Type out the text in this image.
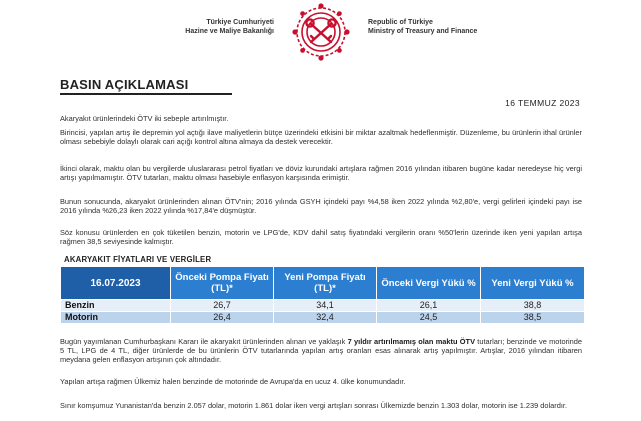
Türkiye Cumhuriyeti
Hazine ve Maliye Bakanlığı
Republic of Türkiye
Ministry of Treasury and Finance
BASIN AÇIKLAMASI
16 TEMMUZ 2023
Akaryakıt ürünlerindeki ÖTV iki sebeple artırılmıştır.
Birincisi, yapılan artış ile depremin yol açtığı ilave maliyetlerin bütçe üzerindeki etkisini bir miktar azaltmak hedeflenmiştir. Düzenleme, bu ürünlerin ithal ürünler olması sebebiyle dolaylı olarak cari açığı kontrol altına almaya da destek verecektir.
İkinci olarak, maktu olan bu vergilerde uluslararası petrol fiyatları ve döviz kurundaki artışlara rağmen 2016 yılından itibaren bugüne kadar neredeyse hiç vergi artışı yapılmamıştır. ÖTV tutarları, maktu olması hasebiyle enflasyon karşısında erimiştir.
Bunun sonucunda, akaryakıt ürünlerinden alınan ÖTV'nin; 2016 yılında GSYH içindeki payı %4,58 iken 2022 yılında %2,80'e, vergi gelirleri içindeki payı ise 2016 yılında %26,23 iken 2022 yılında %17,84'e düşmüştür.
Söz konusu ürünlerden en çok tüketilen benzin, motorin ve LPG'de, KDV dahil satış fiyatındaki vergilerin oranı %50'lerin üzerinde iken yeni yapılan artışa rağmen 38,5 seviyesinde kalmıştır.
AKARYAKIT FİYATLARI VE VERGİLER
16.07.2023	Önceki Pompa Fiyatı (TL)*	Yeni Pompa Fiyatı (TL)*	Önceki Vergi Yükü %	Yeni Vergi Yükü %
Benzin	26,7	34,1	26,1	38,8
Motorin	26,4	32,4	24,5	38,5
Bugün yayımlanan Cumhurbaşkanı Kararı ile akaryakıt ürünlerinden alınan ve yaklaşık 7 yıldır artırılmamış olan maktu ÖTV tutarları; benzinde ve motorinde 5 TL, LPG de 4 TL, diğer ürünlerde de bu ürünlerin ÖTV tutarlarında yapılan artış oranları esas alınarak artış yapılmıştır. Artışlar, 2016 yılından itibaren meydana gelen enflasyon artışının çok altındadır.
Yapılan artışa rağmen Ülkemiz halen benzinde de motorinde de Avrupa'da en ucuz 4. ülke konumundadır.
Sınır komşumuz Yunanistan'da benzin 2.057 dolar, motorin 1.861 dolar iken vergi artışları sonrası Ülkemizde benzin 1.303 dolar, motorin ise 1.239 dolardır.
